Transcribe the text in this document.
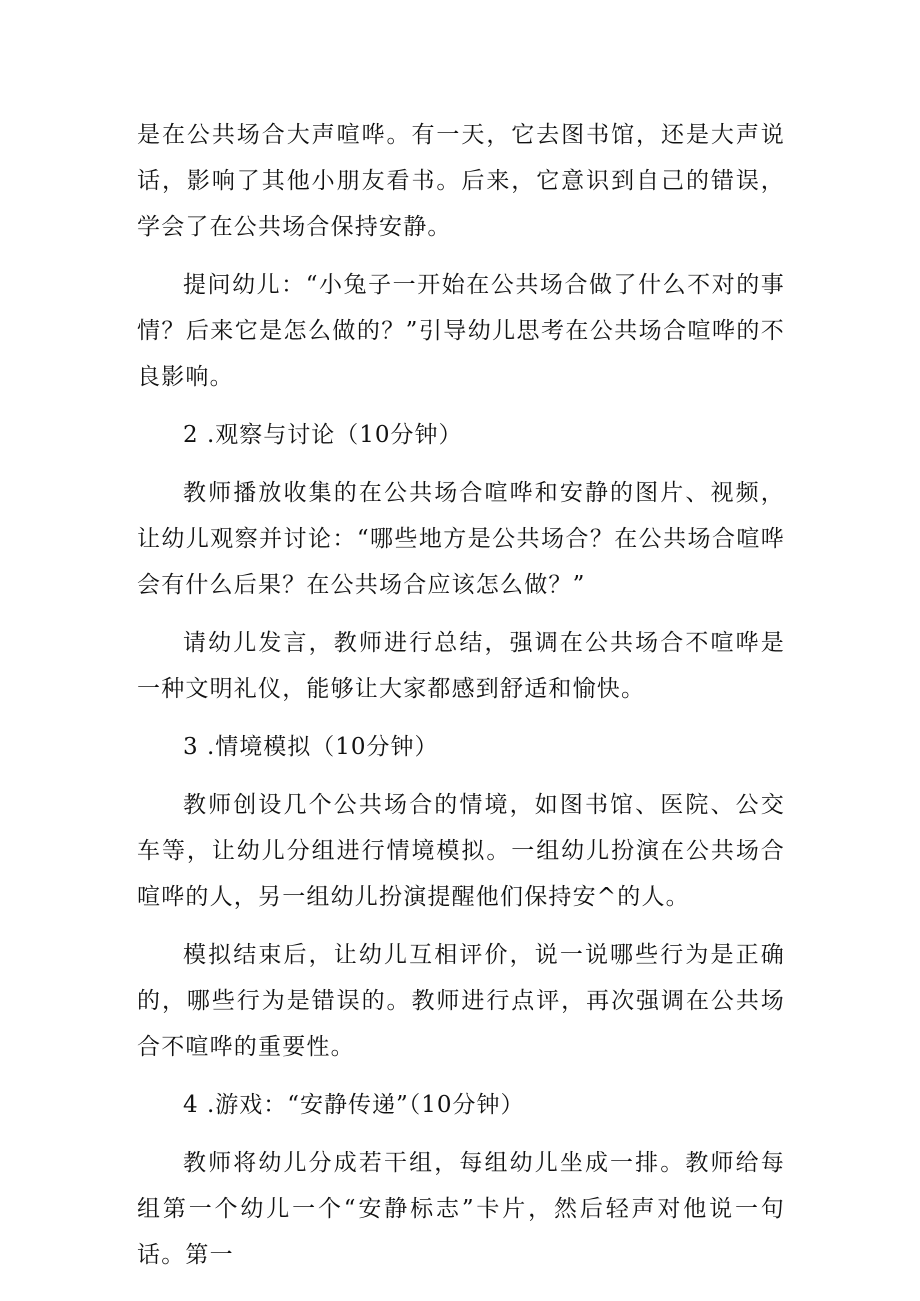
是在公共场合大声喧哗。有一天，它去图书馆，还是大声说话，影响了其他小朋友看书。后来，它意识到自己的错误，学会了在公共场合保持安静。

提问幼儿：“小兔子一开始在公共场合做了什么不对的事情？后来它是怎么做的？”引导幼儿思考在公共场合喧哗的不良影响。

2 .观察与讨论（10分钟）

教师播放收集的在公共场合喧哗和安静的图片、视频，让幼儿观察并讨论：“哪些地方是公共场合？在公共场合喧哗会有什么后果？在公共场合应该怎么做？”

请幼儿发言，教师进行总结，强调在公共场合不喧哗是一种文明礼仪，能够让大家都感到舒适和愉快。

3 .情境模拟（10分钟）

教师创设几个公共场合的情境，如图书馆、医院、公交车等，让幼儿分组进行情境模拟。一组幼儿扮演在公共场合喧哗的人，另一组幼儿扮演提醒他们保持安^的人。

模拟结束后，让幼儿互相评价，说一说哪些行为是正确的，哪些行为是错误的。教师进行点评，再次强调在公共场合不喧哗的重要性。

4 .游戏：“安静传递”（10分钟）

教师将幼儿分成若干组，每组幼儿坐成一排。教师给每组第一个幼儿一个“安静标志”卡片，然后轻声对他说一句话。第一
